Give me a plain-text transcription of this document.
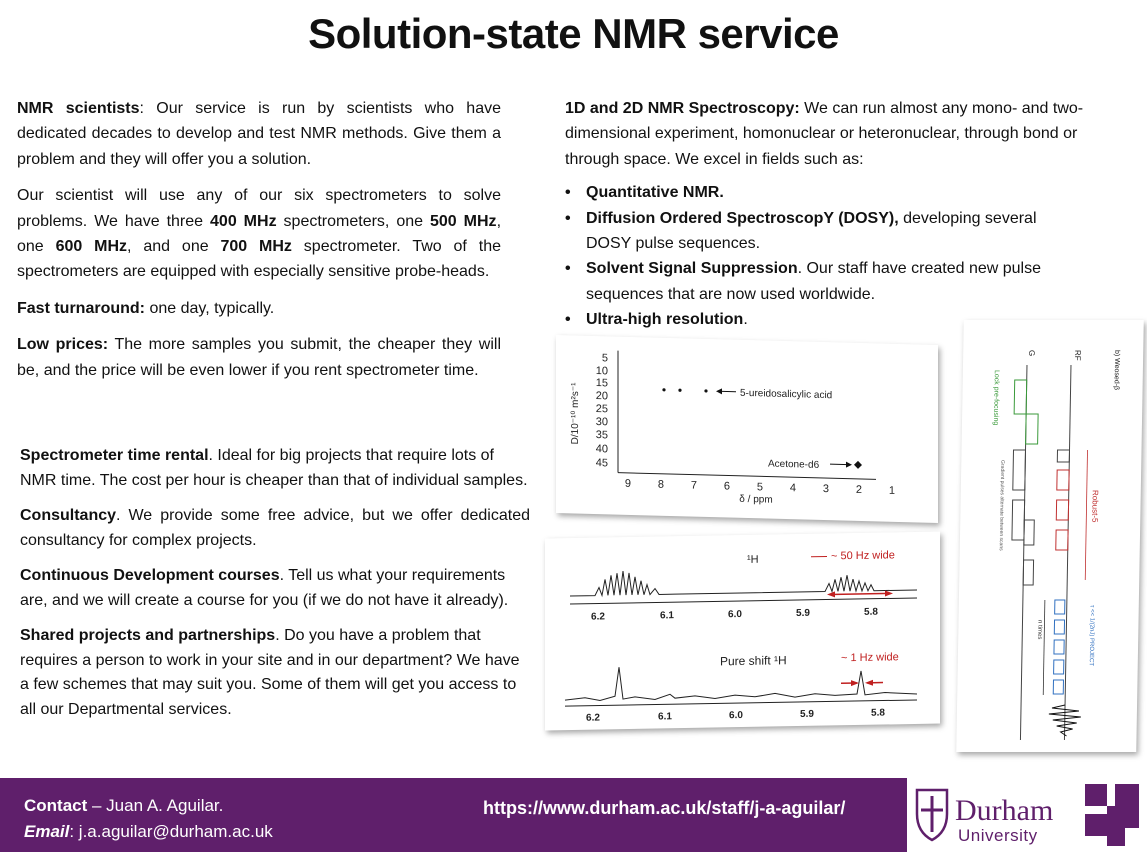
Solution-state NMR service

NMR scientists: Our service is run by scientists who have dedicated decades to develop and test NMR methods. Give them a problem and they will offer you a solution.

Our scientist will use any of our six spectrometers to solve problems. We have three 400 MHz spectrometers, one 500 MHz, one 600 MHz, and one 700 MHz spectrometer. Two of the spectrometers are equipped with especially sensitive probe-heads.

Fast turnaround: one day, typically.

Low prices: The more samples you submit, the cheaper they will be, and the price will be even lower if you rent spectrometer time.

Spectrometer time rental. Ideal for big projects that require lots of NMR time. The cost per hour is cheaper than that of individual samples.

Consultancy. We provide some free advice, but we offer dedicated consultancy for complex projects.

Continuous Development courses. Tell us what your requirements are, and we will create a course for you (if we do not have it already).

Shared projects and partnerships. Do you have a problem that requires a person to work in your site and in our department? We have a few schemes that may suit you. Some of them will get you access to all our Departmental services.

1D and 2D NMR Spectroscopy: We can run almost any mono- and two-dimensional experiment, homonuclear or heteronuclear, through bond or through space. We excel in fields such as:

• Quantitative NMR.
• Diffusion Ordered SpectroscopY (DOSY), developing several DOSY pulse sequences.
• Solvent Signal Suppression. Our staff have created new pulse sequences that are now used worldwide.
• Ultra-high resolution.
5
10
15
20
25
30
35
40
45
9 8 7 6 5 4 3 2 1
δ / ppm
D/10⁻¹⁰ m²s⁻¹	5-ureidosalicylic acid
Acetone-d6
¹H	~ 50 Hz wide
6.2	6.1	6.0	5.9	5.8
Pure shift ¹H	~ 1 Hz wide
6.2	6.1	6.0	5.9	5.8
b) Weosed-β
RF
G
Lock pre-focusing
Gradient pulses alternate between scans	Robust-5
τ << 1/(2nJ) PROJECT
n times
Contact – Juan A. Aguilar.
Email: j.a.aguilar@durham.ac.uk
https://www.durham.ac.uk/staff/j-a-aguilar/	Durham
University
